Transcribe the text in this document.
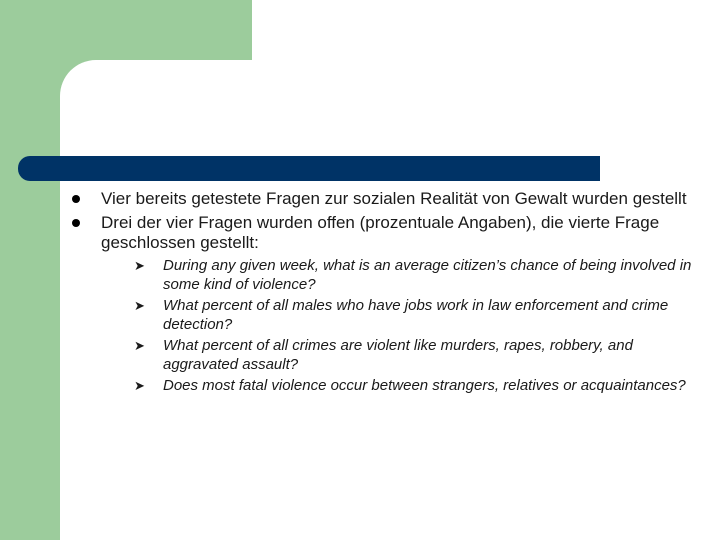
Vier bereits getestete Fragen zur sozialen Realität von Gewalt wurden gestellt
Drei der vier Fragen wurden offen (prozentuale Angaben), die vierte Frage geschlossen gestellt:
➤ During any given week, what is an average citizen’s chance of being involved in some kind of violence?
➤ What percent of all males who have jobs work in law enforcement and crime detection?
➤ What percent of all crimes are violent like murders, rapes, robbery, and aggravated assault?
➤ Does most fatal violence occur between strangers, relatives or acquaintances?
